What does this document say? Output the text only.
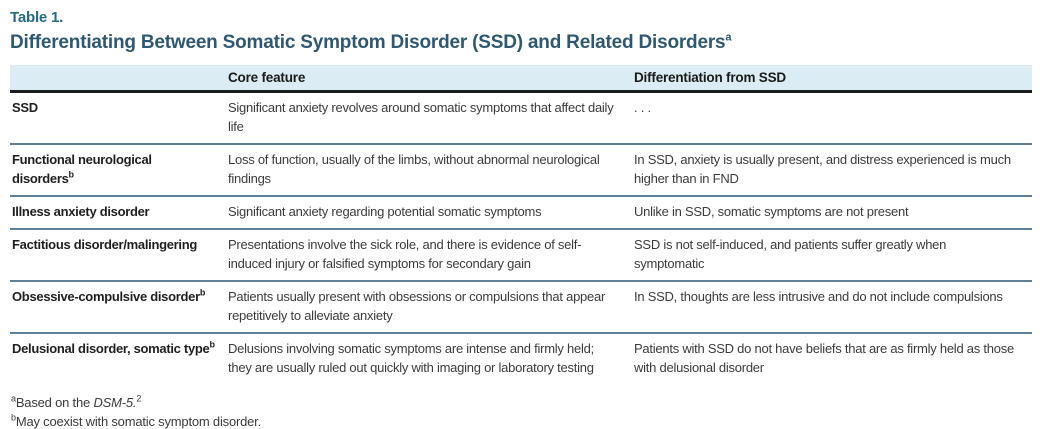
Table 1.
Differentiating Between Somatic Symptom Disorder (SSD) and Related Disorders$^a$
	Core feature	Differentiation from SSD
SSD	Significant anxiety revolves around somatic symptoms that affect daily life	. . .
Functional neurological disorders$^b$	Loss of function, usually of the limbs, without abnormal neurological findings	In SSD, anxiety is usually present, and distress experienced is much higher than in FND
Illness anxiety disorder	Significant anxiety regarding potential somatic symptoms	Unlike in SSD, somatic symptoms are not present
Factitious disorder/malingering	Presentations involve the sick role, and there is evidence of self-induced injury or falsified symptoms for secondary gain	SSD is not self-induced, and patients suffer greatly when symptomatic
Obsessive-compulsive disorder$^b$	Patients usually present with obsessions or compulsions that appear repetitively to alleviate anxiety	In SSD, thoughts are less intrusive and do not include compulsions
Delusional disorder, somatic type$^b$	Delusions involving somatic symptoms are intense and firmly held; they are usually ruled out quickly with imaging or laboratory testing	Patients with SSD do not have beliefs that are as firmly held as those with delusional disorder
$^a$Based on the DSM-5.$^2$
$^b$May coexist with somatic symptom disorder.
